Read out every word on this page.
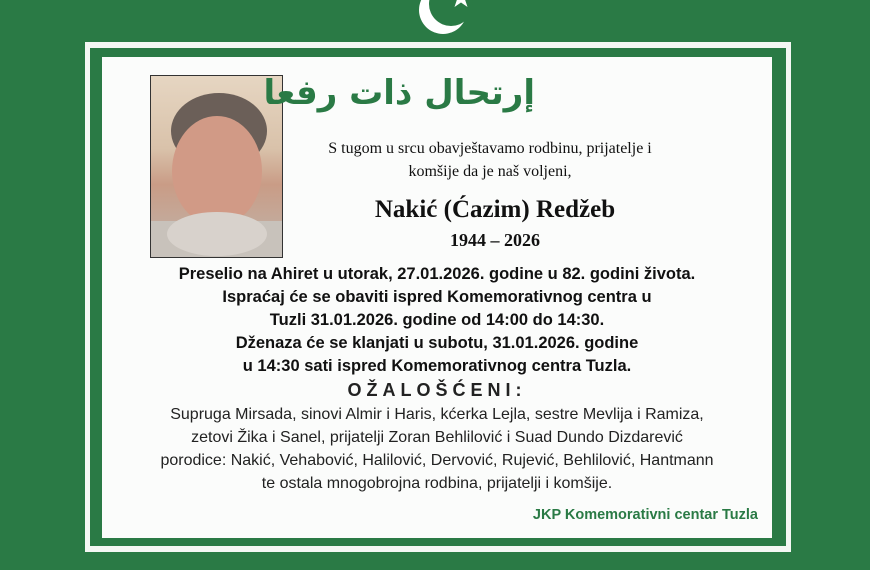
إرتحال ذات رفعا
S tugom u srcu obavještavamo rodbinu, prijatelje i
komšije da je naš voljeni,
Nakić (Ćazim) Redžeb
1944 – 2026
Preselio na Ahiret u utorak, 27.01.2026. godine u 82. godini života.
Ispraćaj će se obaviti ispred Komemorativnog centra u
Tuzli 31.01.2026. godine od 14:00 do 14:30.
Dženaza će se klanjati u subotu, 31.01.2026. godine
u 14:30 sati ispred Komemorativnog centra Tuzla.
OŽALOŠĆENI:
Supruga Mirsada, sinovi Almir i Haris, kćerka Lejla, sestre Mevlija i Ramiza,
zetovi Žika i Sanel, prijatelji Zoran Behlilović i Suad Dundo Dizdarević
porodice: Nakić, Vehabović, Halilović, Dervović, Rujević, Behlilović, Hantmann
te ostala mnogobrojna rodbina, prijatelji i komšije.
JKP Komemorativni centar Tuzla
